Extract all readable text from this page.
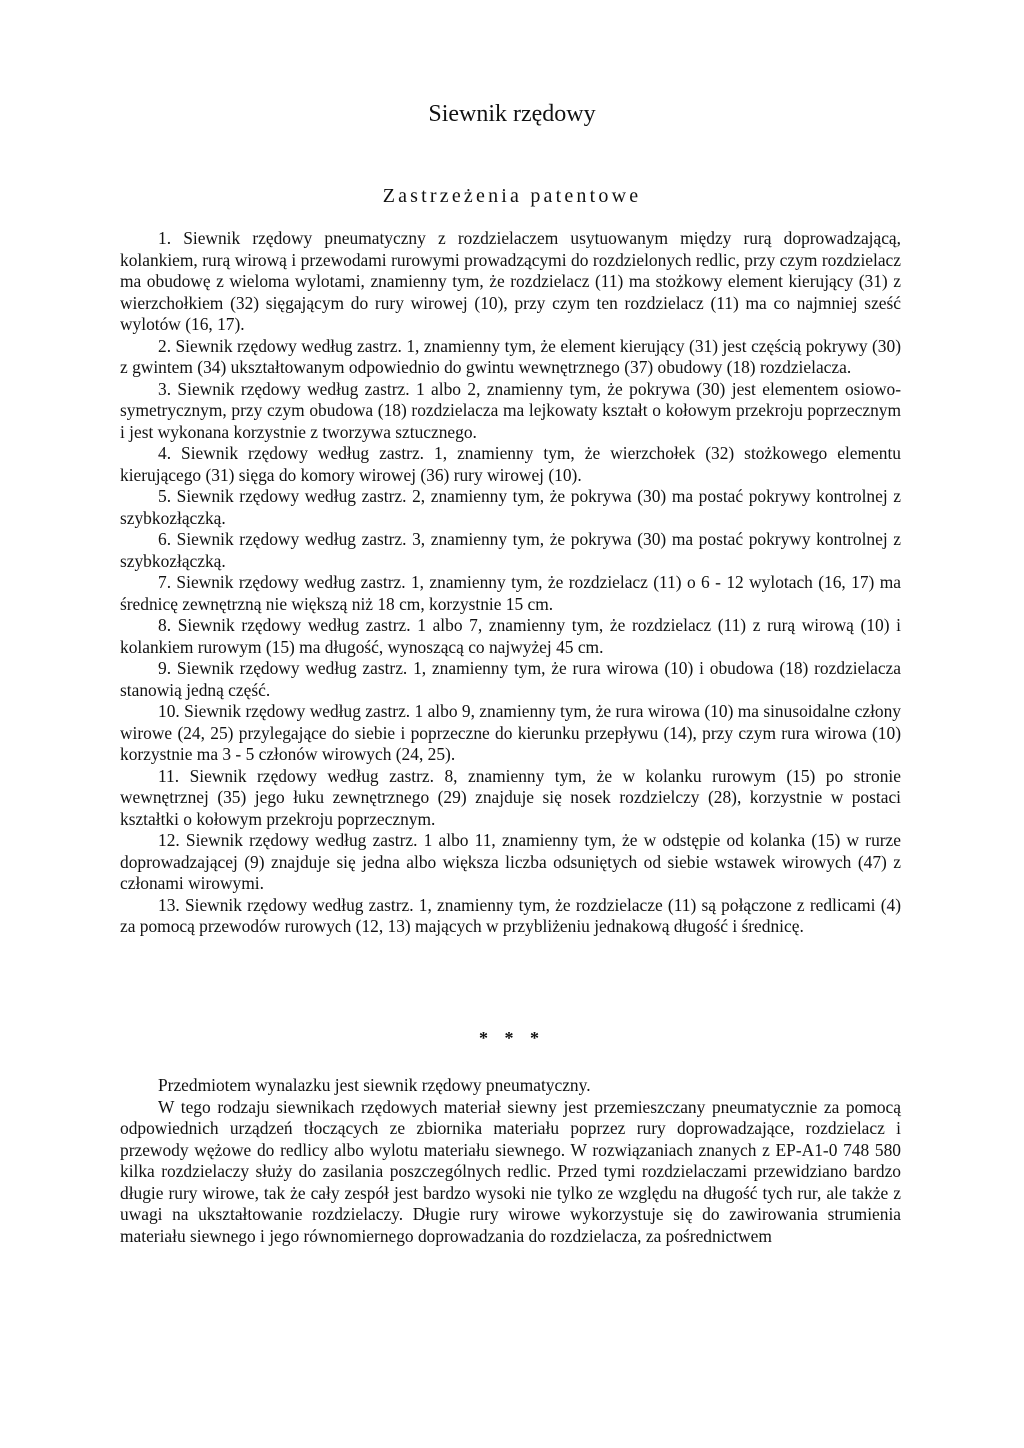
Siewnik rzędowy
Zastrzeżenia patentowe

1. Siewnik rzędowy pneumatyczny z rozdzielaczem usytuowanym między rurą doprowadzającą, kolankiem, rurą wirową i przewodami rurowymi prowadzącymi do rozdzielonych redlic, przy czym rozdzielacz ma obudowę z wieloma wylotami, znamienny tym, że rozdzielacz (11) ma stożkowy element kierujący (31) z wierzchołkiem (32) sięgającym do rury wirowej (10), przy czym ten rozdzielacz (11) ma co najmniej sześć wylotów (16, 17).

2. Siewnik rzędowy według zastrz. 1, znamienny tym, że element kierujący (31) jest częścią pokrywy (30) z gwintem (34) ukształtowanym odpowiednio do gwintu wewnętrznego (37) obudowy (18) rozdzielacza.

3. Siewnik rzędowy według zastrz. 1 albo 2, znamienny tym, że pokrywa (30) jest elementem osiowo-symetrycznym, przy czym obudowa (18) rozdzielacza ma lejkowaty kształt o kołowym przekroju poprzecznym i jest wykonana korzystnie z tworzywa sztucznego.

4. Siewnik rzędowy według zastrz. 1, znamienny tym, że wierzchołek (32) stożkowego elementu kierującego (31) sięga do komory wirowej (36) rury wirowej (10).

5. Siewnik rzędowy według zastrz. 2, znamienny tym, że pokrywa (30) ma postać pokrywy kontrolnej z szybkozłączką.

6. Siewnik rzędowy według zastrz. 3, znamienny tym, że pokrywa (30) ma postać pokrywy kontrolnej z szybkozłączką.

7. Siewnik rzędowy według zastrz. 1, znamienny tym, że rozdzielacz (11) o 6 - 12 wylotach (16, 17) ma średnicę zewnętrzną nie większą niż 18 cm, korzystnie 15 cm.

8. Siewnik rzędowy według zastrz. 1 albo 7, znamienny tym, że rozdzielacz (11) z rurą wirową (10) i kolankiem rurowym (15) ma długość, wynoszącą co najwyżej 45 cm.

9. Siewnik rzędowy według zastrz. 1, znamienny tym, że rura wirowa (10) i obudowa (18) rozdzielacza stanowią jedną część.

10. Siewnik rzędowy według zastrz. 1 albo 9, znamienny tym, że rura wirowa (10) ma sinusoidalne człony wirowe (24, 25) przylegające do siebie i poprzeczne do kierunku przepływu (14), przy czym rura wirowa (10) korzystnie ma 3 - 5 członów wirowych (24, 25).

11. Siewnik rzędowy według zastrz. 8, znamienny tym, że w kolanku rurowym (15) po stronie wewnętrznej (35) jego łuku zewnętrznego (29) znajduje się nosek rozdzielczy (28), korzystnie w postaci kształtki o kołowym przekroju poprzecznym.

12. Siewnik rzędowy według zastrz. 1 albo 11, znamienny tym, że w odstępie od kolanka (15) w rurze doprowadzającej (9) znajduje się jedna albo większa liczba odsuniętych od siebie wstawek wirowych (47) z członami wirowymi.

13. Siewnik rzędowy według zastrz. 1, znamienny tym, że rozdzielacze (11) są połączone z redlicami (4) za pomocą przewodów rurowych (12, 13) mających w przybliżeniu jednakową długość i średnicę.

* * *

Przedmiotem wynalazku jest siewnik rzędowy pneumatyczny.

W tego rodzaju siewnikach rzędowych materiał siewny jest przemieszczany pneumatycznie za pomocą odpowiednich urządzeń tłoczących ze zbiornika materiału poprzez rury doprowadzające, rozdzielacz i przewody wężowe do redlicy albo wylotu materiału siewnego. W rozwiązaniach znanych z EP-A1-0 748 580 kilka rozdzielaczy służy do zasilania poszczególnych redlic. Przed tymi rozdzielaczami przewidziano bardzo długie rury wirowe, tak że cały zespół jest bardzo wysoki nie tylko ze względu na długość tych rur, ale także z uwagi na ukształtowanie rozdzielaczy. Długie rury wirowe wykorzystuje się do zawirowania strumienia materiału siewnego i jego równomiernego doprowadzania do rozdzielacza, za pośrednictwem
